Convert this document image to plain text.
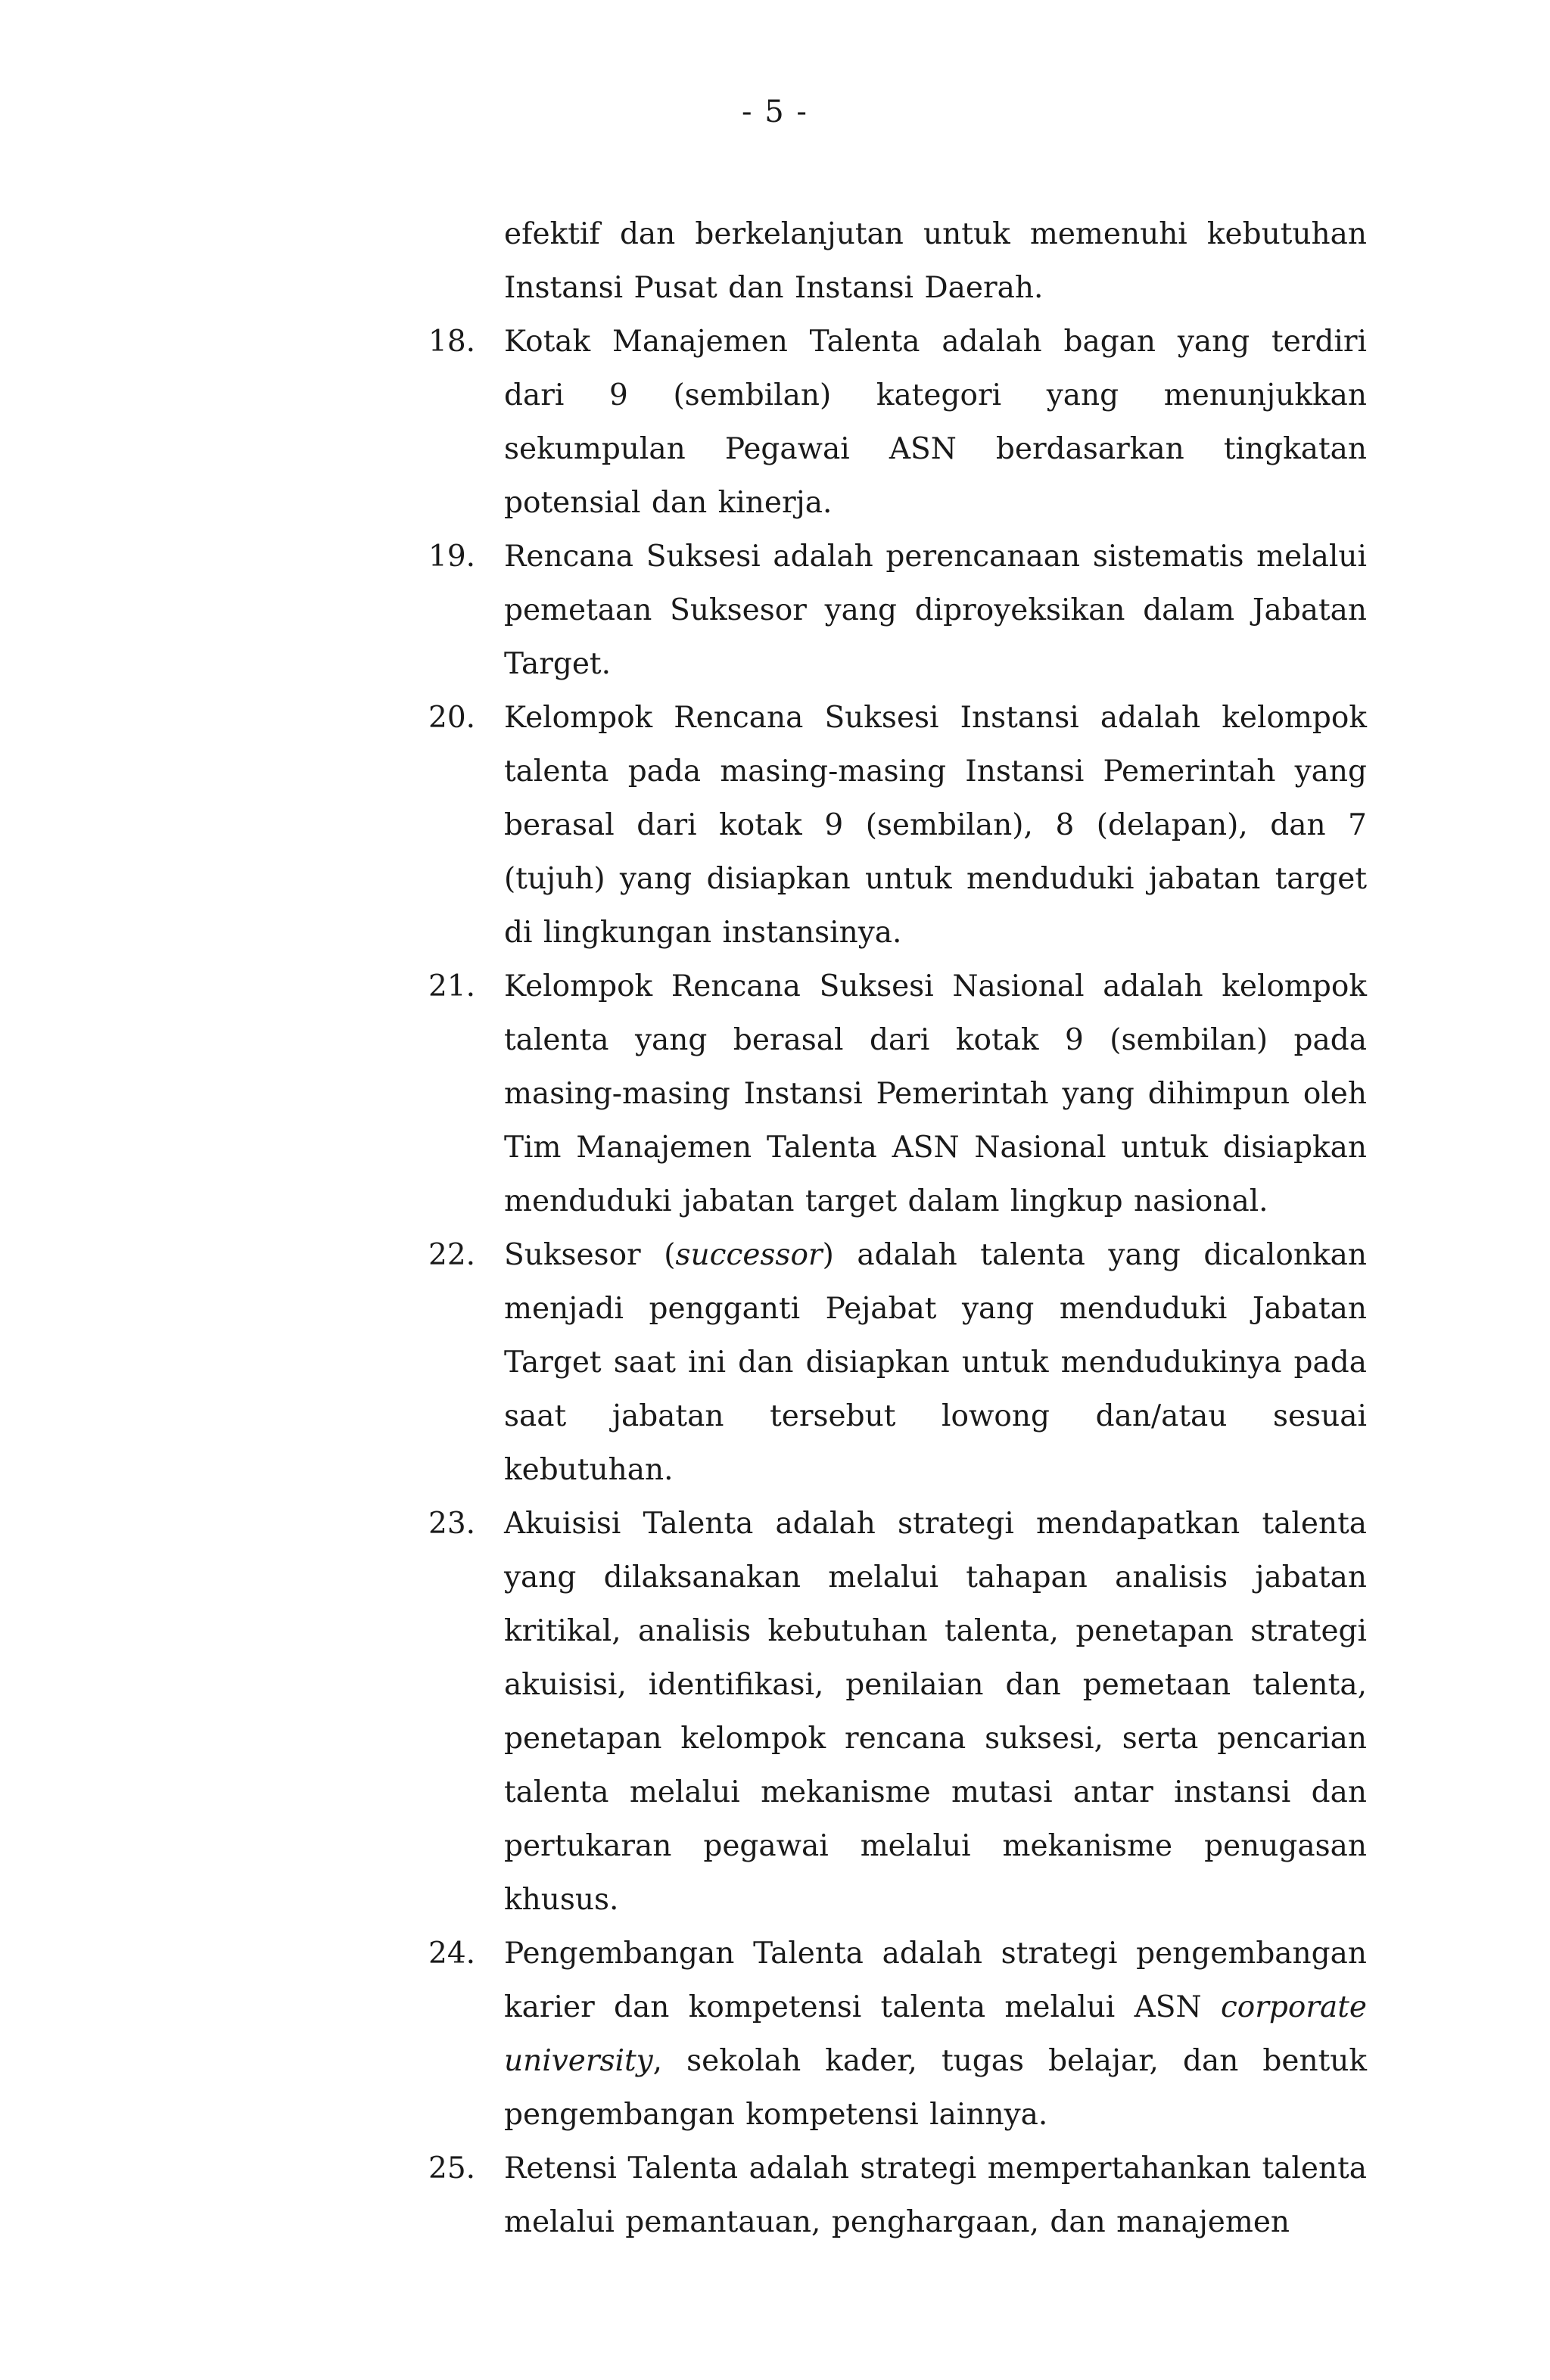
- 5 -
efektif dan berkelanjutan untuk memenuhi kebutuhan Instansi Pusat dan Instansi Daerah.
18. Kotak Manajemen Talenta adalah bagan yang terdiri dari 9 (sembilan) kategori yang menunjukkan sekumpulan Pegawai ASN berdasarkan tingkatan potensial dan kinerja.
19. Rencana Suksesi adalah perencanaan sistematis melalui pemetaan Suksesor yang diproyeksikan dalam Jabatan Target.
20. Kelompok Rencana Suksesi Instansi adalah kelompok talenta pada masing-masing Instansi Pemerintah yang berasal dari kotak 9 (sembilan), 8 (delapan), dan 7 (tujuh) yang disiapkan untuk menduduki jabatan target di lingkungan instansinya.
21. Kelompok Rencana Suksesi Nasional adalah kelompok talenta yang berasal dari kotak 9 (sembilan) pada masing-masing Instansi Pemerintah yang dihimpun oleh Tim Manajemen Talenta ASN Nasional untuk disiapkan menduduki jabatan target dalam lingkup nasional.
22. Suksesor (successor) adalah talenta yang dicalonkan menjadi pengganti Pejabat yang menduduki Jabatan Target saat ini dan disiapkan untuk mendudukinya pada saat jabatan tersebut lowong dan/atau sesuai kebutuhan.
23. Akuisisi Talenta adalah strategi mendapatkan talenta yang dilaksanakan melalui tahapan analisis jabatan kritikal, analisis kebutuhan talenta, penetapan strategi akuisisi, identifikasi, penilaian dan pemetaan talenta, penetapan kelompok rencana suksesi, serta pencarian talenta melalui mekanisme mutasi antar instansi dan pertukaran pegawai melalui mekanisme penugasan khusus.
24. Pengembangan Talenta adalah strategi pengembangan karier dan kompetensi talenta melalui ASN corporate university, sekolah kader, tugas belajar, dan bentuk pengembangan kompetensi lainnya.
25. Retensi Talenta adalah strategi mempertahankan talenta melalui pemantauan, penghargaan, dan manajemen
